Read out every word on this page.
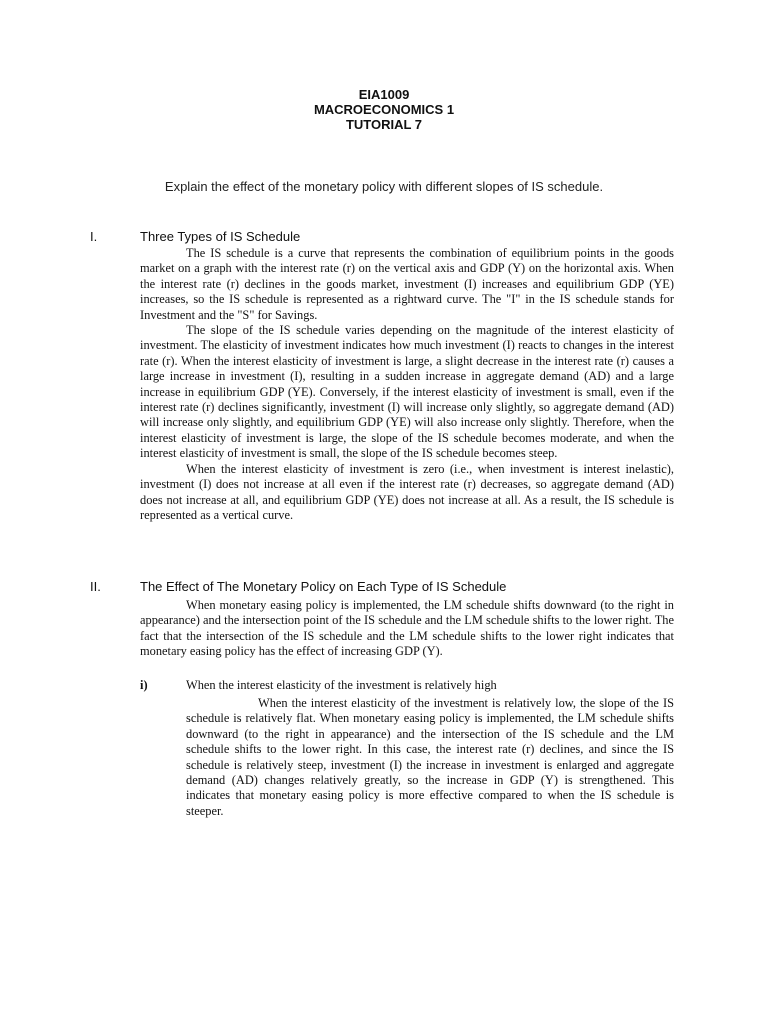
EIA1009
MACROECONOMICS 1
TUTORIAL 7
Explain the effect of the monetary policy with different slopes of IS schedule.
I.	Three Types of IS Schedule

The IS schedule is a curve that represents the combination of equilibrium points in the goods market on a graph with the interest rate (r) on the vertical axis and GDP (Y) on the horizontal axis. When the interest rate (r) declines in the goods market, investment (I) increases and equilibrium GDP (YE) increases, so the IS schedule is represented as a rightward curve. The "I" in the IS schedule stands for Investment and the "S" for Savings.

The slope of the IS schedule varies depending on the magnitude of the interest elasticity of investment. The elasticity of investment indicates how much investment (I) reacts to changes in the interest rate (r). When the interest elasticity of investment is large, a slight decrease in the interest rate (r) causes a large increase in investment (I), resulting in a sudden increase in aggregate demand (AD) and a large increase in equilibrium GDP (YE). Conversely, if the interest elasticity of investment is small, even if the interest rate (r) declines significantly, investment (I) will increase only slightly, so aggregate demand (AD) will increase only slightly, and equilibrium GDP (YE) will also increase only slightly. Therefore, when the interest elasticity of investment is large, the slope of the IS schedule becomes moderate, and when the interest elasticity of investment is small, the slope of the IS schedule becomes steep.

When the interest elasticity of investment is zero (i.e., when investment is interest inelastic), investment (I) does not increase at all even if the interest rate (r) decreases, so aggregate demand (AD) does not increase at all, and equilibrium GDP (YE) does not increase at all. As a result, the IS schedule is represented as a vertical curve.

II.	The Effect of The Monetary Policy on Each Type of IS Schedule

When monetary easing policy is implemented, the LM schedule shifts downward (to the right in appearance) and the intersection point of the IS schedule and the LM schedule shifts to the lower right. The fact that the intersection of the IS schedule and the LM schedule shifts to the lower right indicates that monetary easing policy has the effect of increasing GDP (Y).

i)	When the interest elasticity of the investment is relatively high

When the interest elasticity of the investment is relatively low, the slope of the IS schedule is relatively flat. When monetary easing policy is implemented, the LM schedule shifts downward (to the right in appearance) and the intersection of the IS schedule and the LM schedule shifts to the lower right. In this case, the interest rate (r) declines, and since the IS schedule is relatively steep, investment (I) the increase in investment is enlarged and aggregate demand (AD) changes relatively greatly, so the increase in GDP (Y) is strengthened. This indicates that monetary easing policy is more effective compared to when the IS schedule is steeper.
